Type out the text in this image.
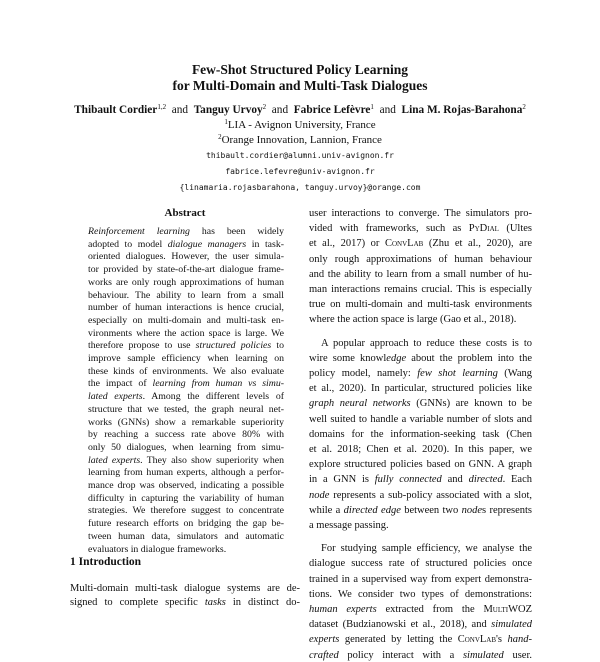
Few-Shot Structured Policy Learning
for Multi-Domain and Multi-Task Dialogues
Thibault Cordier$^{1,2}$ and Tanguy Urvoy$^2$ and Fabrice Lefèvre$^1$ and Lina M. Rojas-Barahona$^2$
$^1$LIA - Avignon University, France
$^2$Orange Innovation, Lannion, France
thibault.cordier@alumni.univ-avignon.fr
fabrice.lefevre@univ-avignon.fr
{linamaria.rojasbarahona, tanguy.urvoy}@orange.com
Abstract
Reinforcement learning has been widely
adopted to model dialogue managers in task-
oriented dialogues. However, the user simula-
tor provided by state-of-the-art dialogue frame-
works are only rough approximations of human
behaviour. The ability to learn from a small
number of human interactions is hence crucial,
especially on multi-domain and multi-task en-
vironments where the action space is large. We
therefore propose to use structured policies to
improve sample efficiency when learning on
these kinds of environments. We also evaluate
the impact of learning from human vs simu-
lated experts. Among the different levels of
structure that we tested, the graph neural net-
works (GNNs) show a remarkable superiority
by reaching a success rate above 80% with
only 50 dialogues, when learning from simu-
lated experts. They also show superiority when
learning from human experts, although a perfor-
mance drop was observed, indicating a possible
difficulty in capturing the variability of human
strategies. We therefore suggest to concentrate
future research efforts on bridging the gap be-
tween human data, simulators and automatic
evaluators in dialogue frameworks.
1 Introduction
Multi-domain multi-task dialogue systems are de-
signed to complete specific tasks in distinct do-
user interactions to converge. The simulators pro-
vided with frameworks, such as PyDial (Ultes
et al., 2017) or ConvLab (Zhu et al., 2020), are
only rough approximations of human behaviour
and the ability to learn from a small number of hu-
man interactions remains crucial. This is especially
true on multi-domain and multi-task environments
where the action space is large (Gao et al., 2018).
A popular approach to reduce these costs is to
wire some knowledge about the problem into the
policy model, namely: few shot learning (Wang
et al., 2020). In particular, structured policies like
graph neural networks (GNNs) are known to be
well suited to handle a variable number of slots and
domains for the information-seeking task (Chen
et al. 2018; Chen et al. 2020). In this paper, we
explore structured policies based on GNN. A graph
in a GNN is fully connected and directed. Each
node represents a sub-policy associated with a slot,
while a directed edge between two nodes represents
a message passing.
For studying sample efficiency, we analyse the
dialogue success rate of structured policies once
trained in a supervised way from expert demonstra-
tions. We consider two types of demonstrations:
human experts extracted from the MultiWOZ
dataset (Budzianowski et al., 2018), and simulated
experts generated by letting the ConvLab's hand-
crafted policy interact with a simulated user.
